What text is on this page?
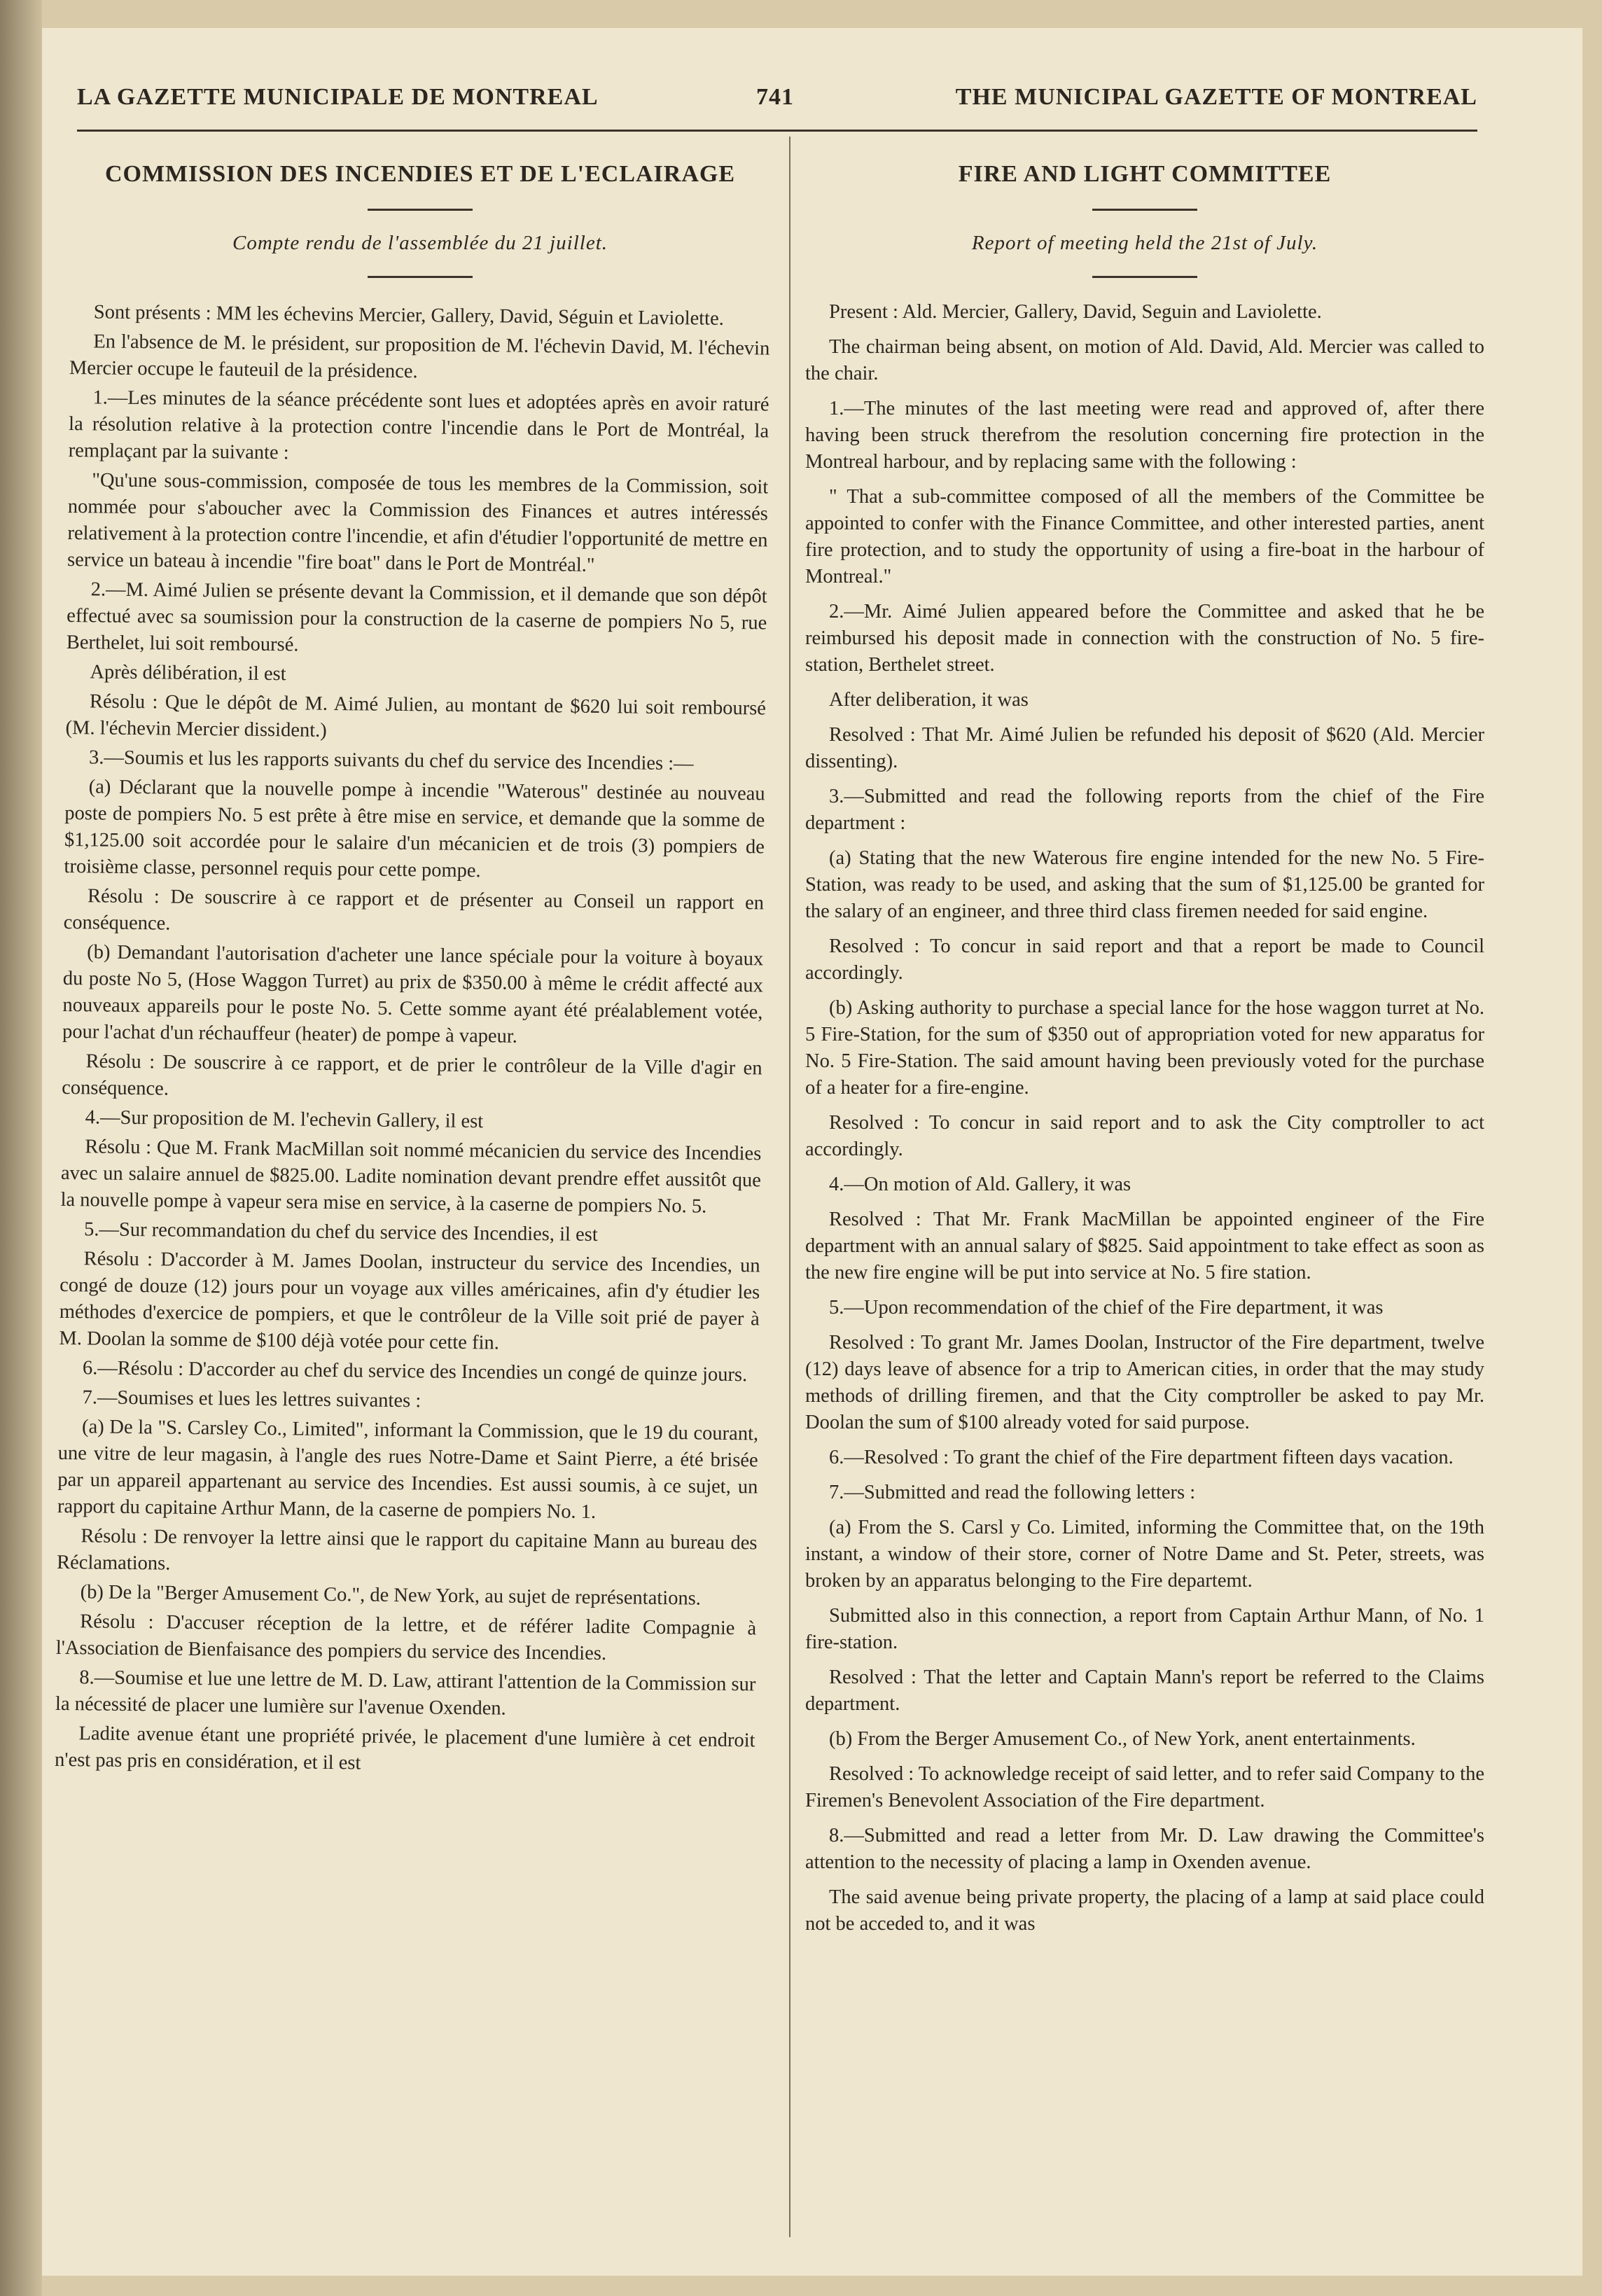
LA GAZETTE MUNICIPALE DE MONTREAL	741	THE MUNICIPAL GAZETTE OF MONTREAL
COMMISSION DES INCENDIES ET DE L'ECLAIRAGE
Compte rendu de l'assemblée du 21 juillet.

Sont présents : MM les échevins Mercier, Gallery, David, Séguin et Laviolette.

En l'absence de M. le président, sur proposition de M. l'échevin David, M. l'échevin Mercier occupe le fauteuil de la présidence.

1.—Les minutes de la séance précédente sont lues et adoptées après en avoir raturé la résolution relative à la protection contre l'incendie dans le Port de Montréal, la remplaçant par la suivante :

"Qu'une sous-commission, composée de tous les membres de la Commission, soit nommée pour s'aboucher avec la Commission des Finances et autres intéressés relativement à la protection contre l'incendie, et afin d'étudier l'opportunité de mettre en service un bateau à incendie "fire boat" dans le Port de Montréal."

2.—M. Aimé Julien se présente devant la Commission, et il demande que son dépôt effectué avec sa soumission pour la construction de la caserne de pompiers No 5, rue Berthelet, lui soit remboursé.

Après délibération, il est

Résolu : Que le dépôt de M. Aimé Julien, au montant de $620 lui soit remboursé (M. l'échevin Mercier dissident.)

3.—Soumis et lus les rapports suivants du chef du service des Incendies :—

(a) Déclarant que la nouvelle pompe à incendie "Waterous" destinée au nouveau poste de pompiers No. 5 est prête à être mise en service, et demande que la somme de $1,125.00 soit accordée pour le salaire d'un mécanicien et de trois (3) pompiers de troisième classe, personnel requis pour cette pompe.

Résolu : De souscrire à ce rapport et de présenter au Conseil un rapport en conséquence.

(b) Demandant l'autorisation d'acheter une lance spéciale pour la voiture à boyaux du poste No 5, (Hose Waggon Turret) au prix de $350.00 à même le crédit affecté aux nouveaux appareils pour le poste No. 5. Cette somme ayant été préalablement votée, pour l'achat d'un réchauffeur (heater) de pompe à vapeur.

Résolu : De souscrire à ce rapport, et de prier le contrôleur de la Ville d'agir en conséquence.

4.—Sur proposition de M. l'echevin Gallery, il est

Résolu : Que M. Frank MacMillan soit nommé mécanicien du service des Incendies avec un salaire annuel de $825.00. Ladite nomination devant prendre effet aussitôt que la nouvelle pompe à vapeur sera mise en service, à la caserne de pompiers No. 5.

5.—Sur recommandation du chef du service des Incendies, il est

Résolu : D'accorder à M. James Doolan, instructeur du service des Incendies, un congé de douze (12) jours pour un voyage aux villes américaines, afin d'y étudier les méthodes d'exercice de pompiers, et que le contrôleur de la Ville soit prié de payer à M. Doolan la somme de $100 déjà votée pour cette fin.

6.—Résolu : D'accorder au chef du service des Incendies un congé de quinze jours.

7.—Soumises et lues les lettres suivantes :

(a) De la "S. Carsley Co., Limited", informant la Commission, que le 19 du courant, une vitre de leur magasin, à l'angle des rues Notre-Dame et Saint Pierre, a été brisée par un appareil appartenant au service des Incendies. Est aussi soumis, à ce sujet, un rapport du capitaine Arthur Mann, de la caserne de pompiers No. 1.

Résolu : De renvoyer la lettre ainsi que le rapport du capitaine Mann au bureau des Réclamations.

(b) De la "Berger Amusement Co.", de New York, au sujet de représentations.

Résolu : D'accuser réception de la lettre, et de référer ladite Compagnie à l'Association de Bienfaisance des pompiers du service des Incendies.

8.—Soumise et lue une lettre de M. D. Law, attirant l'attention de la Commission sur la nécessité de placer une lumière sur l'avenue Oxenden.

Ladite avenue étant une propriété privée, le placement d'une lumière à cet endroit n'est pas pris en considération, et il est

FIRE AND LIGHT COMMITTEE
Report of meeting held the 21st of July.

Present : Ald. Mercier, Gallery, David, Seguin and Laviolette.

The chairman being absent, on motion of Ald. David, Ald. Mercier was called to the chair.

1.—The minutes of the last meeting were read and approved of, after there having been struck therefrom the resolution concerning fire protection in the Montreal harbour, and by replacing same with the following :

" That a sub-committee composed of all the members of the Committee be appointed to confer with the Finance Committee, and other interested parties, anent fire protection, and to study the opportunity of using a fire-boat in the harbour of Montreal."

2.—Mr. Aimé Julien appeared before the Committee and asked that he be reimbursed his deposit made in connection with the construction of No. 5 fire-station, Berthelet street.

After deliberation, it was

Resolved : That Mr. Aimé Julien be refunded his deposit of $620 (Ald. Mercier dissenting).

3.—Submitted and read the following reports from the chief of the Fire department :

(a) Stating that the new Waterous fire engine intended for the new No. 5 Fire-Station, was ready to be used, and asking that the sum of $1,125.00 be granted for the salary of an engineer, and three third class firemen needed for said engine.

Resolved : To concur in said report and that a report be made to Council accordingly.

(b) Asking authority to purchase a special lance for the hose waggon turret at No. 5 Fire-Station, for the sum of $350 out of appropriation voted for new apparatus for No. 5 Fire-Station. The said amount having been previously voted for the purchase of a heater for a fire-engine.

Resolved : To concur in said report and to ask the City comptroller to act accordingly.

4.—On motion of Ald. Gallery, it was

Resolved : That Mr. Frank MacMillan be appointed engineer of the Fire department with an annual salary of $825. Said appointment to take effect as soon as the new fire engine will be put into service at No. 5 fire station.

5.—Upon recommendation of the chief of the Fire department, it was

Resolved : To grant Mr. James Doolan, Instructor of the Fire department, twelve (12) days leave of absence for a trip to American cities, in order that the may study methods of drilling firemen, and that the City comptroller be asked to pay Mr. Doolan the sum of $100 already voted for said purpose.

6.—Resolved : To grant the chief of the Fire department fifteen days vacation.

7.—Submitted and read the following letters :

(a) From the S. Carsl y Co. Limited, informing the Committee that, on the 19th instant, a window of their store, corner of Notre Dame and St. Peter, streets, was broken by an apparatus belonging to the Fire departemt.

Submitted also in this connection, a report from Captain Arthur Mann, of No. 1 fire-station.

Resolved : That the letter and Captain Mann's report be referred to the Claims department.

(b) From the Berger Amusement Co., of New York, anent entertainments.

Resolved : To acknowledge receipt of said letter, and to refer said Company to the Firemen's Benevolent Association of the Fire department.

8.—Submitted and read a letter from Mr. D. Law drawing the Committee's attention to the necessity of placing a lamp in Oxenden avenue.

The said avenue being private property, the placing of a lamp at said place could not be acceded to, and it was
